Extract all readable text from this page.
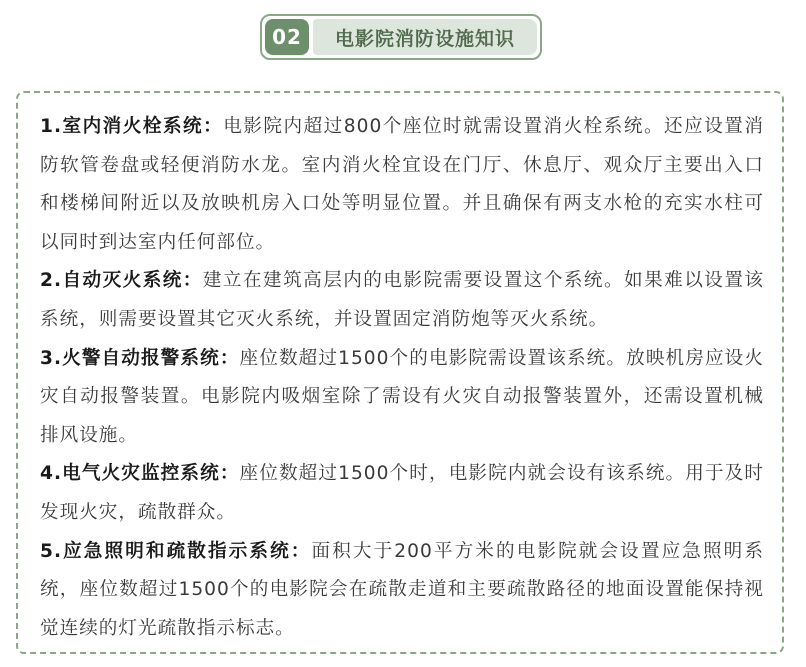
02	电影院消防设施知识

1.室内消火栓系统：电影院内超过800个座位时就需设置消火栓系统。还应设置消防软管卷盘或轻便消防水龙。室内消火栓宜设在门厅、休息厅、观众厅主要出入口和楼梯间附近以及放映机房入口处等明显位置。并且确保有两支水枪的充实水柱可以同时到达室内任何部位。

2.自动灭火系统：建立在建筑高层内的电影院需要设置这个系统。如果难以设置该系统，则需要设置其它灭火系统，并设置固定消防炮等灭火系统。

3.火警自动报警系统：座位数超过1500个的电影院需设置该系统。放映机房应设火灾自动报警装置。电影院内吸烟室除了需设有火灾自动报警装置外，还需设置机械排风设施。

4.电气火灾监控系统：座位数超过1500个时，电影院内就会设有该系统。用于及时发现火灾，疏散群众。

5.应急照明和疏散指示系统：面积大于200平方米的电影院就会设置应急照明系统，座位数超过1500个的电影院会在疏散走道和主要疏散路径的地面设置能保持视觉连续的灯光疏散指示标志。
